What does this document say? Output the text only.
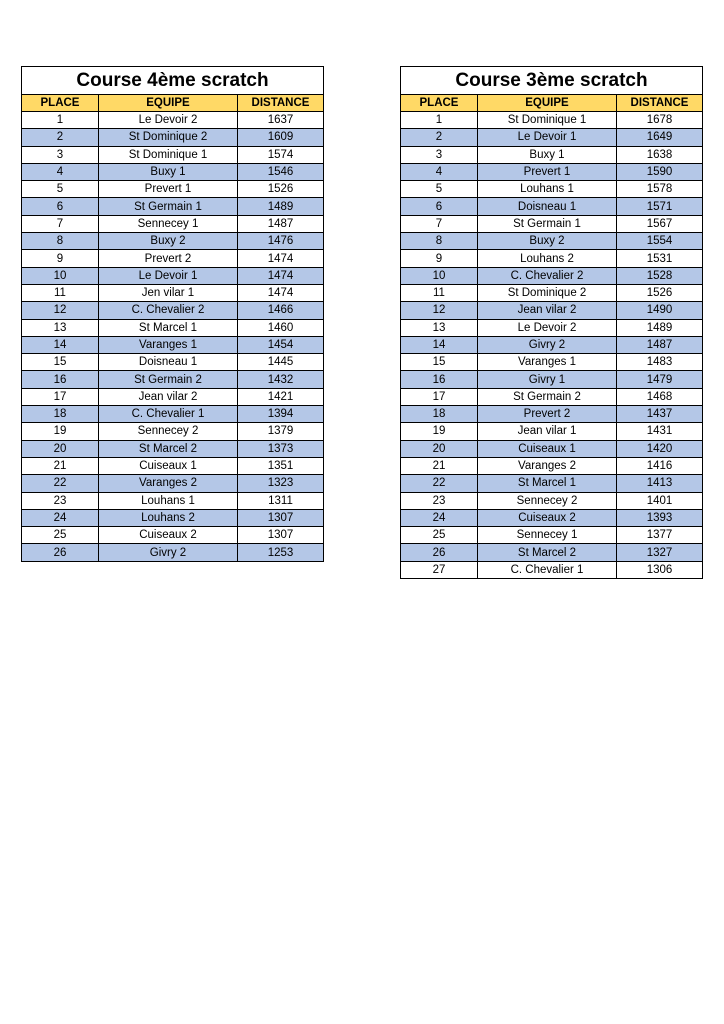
Course 4ème scratch		
PLACE	EQUIPE	DISTANCE
1	Le Devoir 2	1637
2	St Dominique 2	1609
3	St Dominique 1	1574
4	Buxy 1	1546
5	Prevert 1	1526
6	St Germain 1	1489
7	Sennecey 1	1487
8	Buxy 2	1476
9	Prevert 2	1474
10	Le Devoir 1	1474
11	Jen vilar 1	1474
12	C. Chevalier 2	1466
13	St Marcel 1	1460
14	Varanges 1	1454
15	Doisneau 1	1445
16	St Germain 2	1432
17	Jean vilar 2	1421
18	C. Chevalier 1	1394
19	Sennecey 2	1379
20	St Marcel 2	1373
21	Cuiseaux 1	1351
22	Varanges 2	1323
23	Louhans 1	1311
24	Louhans 2	1307
25	Cuiseaux 2	1307
26	Givry 2	1253
Course 3ème scratch		
PLACE	EQUIPE	DISTANCE
1	St Dominique 1	1678
2	Le Devoir 1	1649
3	Buxy 1	1638
4	Prevert 1	1590
5	Louhans 1	1578
6	Doisneau 1	1571
7	St Germain 1	1567
8	Buxy 2	1554
9	Louhans 2	1531
10	C. Chevalier 2	1528
11	St Dominique 2	1526
12	Jean vilar 2	1490
13	Le Devoir 2	1489
14	Givry 2	1487
15	Varanges 1	1483
16	Givry 1	1479
17	St Germain 2	1468
18	Prevert 2	1437
19	Jean vilar 1	1431
20	Cuiseaux 1	1420
21	Varanges 2	1416
22	St Marcel 1	1413
23	Sennecey 2	1401
24	Cuiseaux 2	1393
25	Sennecey 1	1377
26	St Marcel 2	1327
27	C. Chevalier 1	1306
